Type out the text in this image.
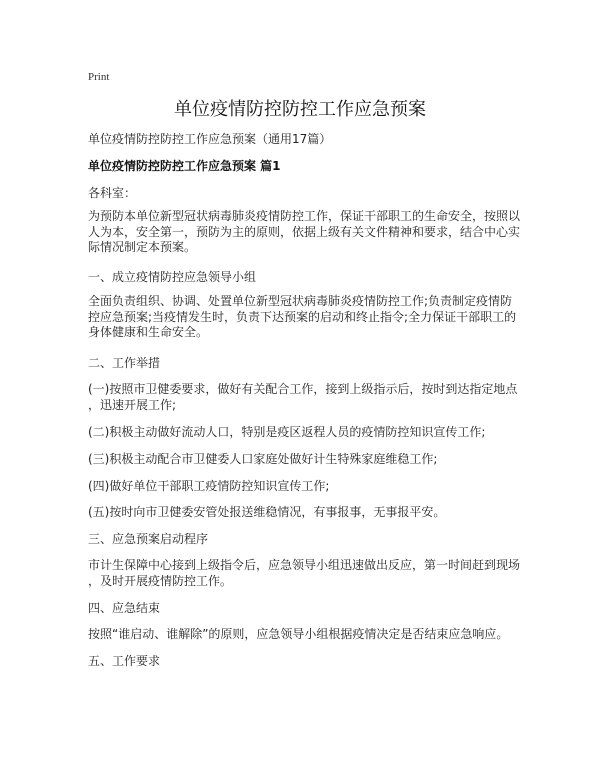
Print
单位疫情防控防控工作应急预案
单位疫情防控防控工作应急预案（通用17篇）
单位疫情防控防控工作应急预案 篇1
各科室：
为预防本单位新型冠状病毒肺炎疫情防控工作，保证干部职工的生命安全，按照以
人为本，安全第一，预防为主的原则，依据上级有关文件精神和要求，结合中心实
际情况制定本预案。
一、成立疫情防控应急领导小组
全面负责组织、协调、处置单位新型冠状病毒肺炎疫情防控工作;负责制定疫情防
控应急预案;当疫情发生时，负责下达预案的启动和终止指令;全力保证干部职工的
身体健康和生命安全。
二、工作举措
(一)按照市卫健委要求，做好有关配合工作，接到上级指示后，按时到达指定地点
，迅速开展工作;
(二)积极主动做好流动人口，特别是疫区返程人员的疫情防控知识宣传工作;
(三)积极主动配合市卫健委人口家庭处做好计生特殊家庭维稳工作;
(四)做好单位干部职工疫情防控知识宣传工作;
(五)按时向市卫健委安管处报送维稳情况，有事报事，无事报平安。
三、应急预案启动程序
市计生保障中心接到上级指令后，应急领导小组迅速做出反应，第一时间赶到现场
，及时开展疫情防控工作。
四、应急结束
按照“谁启动、谁解除”的原则，应急领导小组根据疫情决定是否结束应急响应。
五、工作要求
